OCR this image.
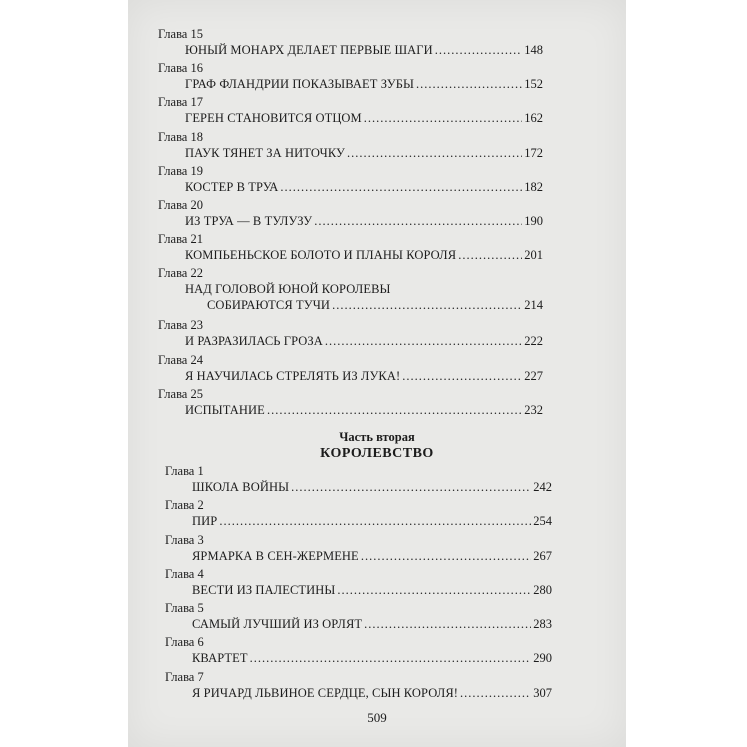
Глава 15
ЮНЫЙ МОНАРХ ДЕЛАЕТ ПЕРВЫЕ ШАГИ .....	148
Глава 16
ГРАФ ФЛАНДРИИ ПОКАЗЫВАЕТ ЗУБЫ .....	152
Глава 17
ГЕРЕН СТАНОВИТСЯ ОТЦОМ .....	162
Глава 18
ПАУК ТЯНЕТ ЗА НИТОЧКУ .....	172
Глава 19
КОСТЕР В ТРУА .....	182
Глава 20
ИЗ ТРУА — В ТУЛУЗУ .....	190
Глава 21
КОМПЬЕНЬСКОЕ БОЛОТО И ПЛАНЫ КОРОЛЯ .....	201
Глава 22
НАД ГОЛОВОЙ ЮНОЙ КОРОЛЕВЫ
СОБИРАЮТСЯ ТУЧИ .....	214
Глава 23
И РАЗРАЗИЛАСЬ ГРОЗА .....	222
Глава 24
Я НАУЧИЛАСЬ СТРЕЛЯТЬ ИЗ ЛУКА! .....	227
Глава 25
ИСПЫТАНИЕ .....	232
Часть вторая
КОРОЛЕВСТВО
Глава 1
ШКОЛА ВОЙНЫ .....	242
Глава 2
ПИР .....	254
Глава 3
ЯРМАРКА В СЕН-ЖЕРМЕНЕ .....	267
Глава 4
ВЕСТИ ИЗ ПАЛЕСТИНЫ .....	280
Глава 5
САМЫЙ ЛУЧШИЙ ИЗ ОРЛЯТ .....	283
Глава 6
КВАРТЕТ .....	290
Глава 7
Я РИЧАРД ЛЬВИНОЕ СЕРДЦЕ, СЫН КОРОЛЯ! .....	307
509
